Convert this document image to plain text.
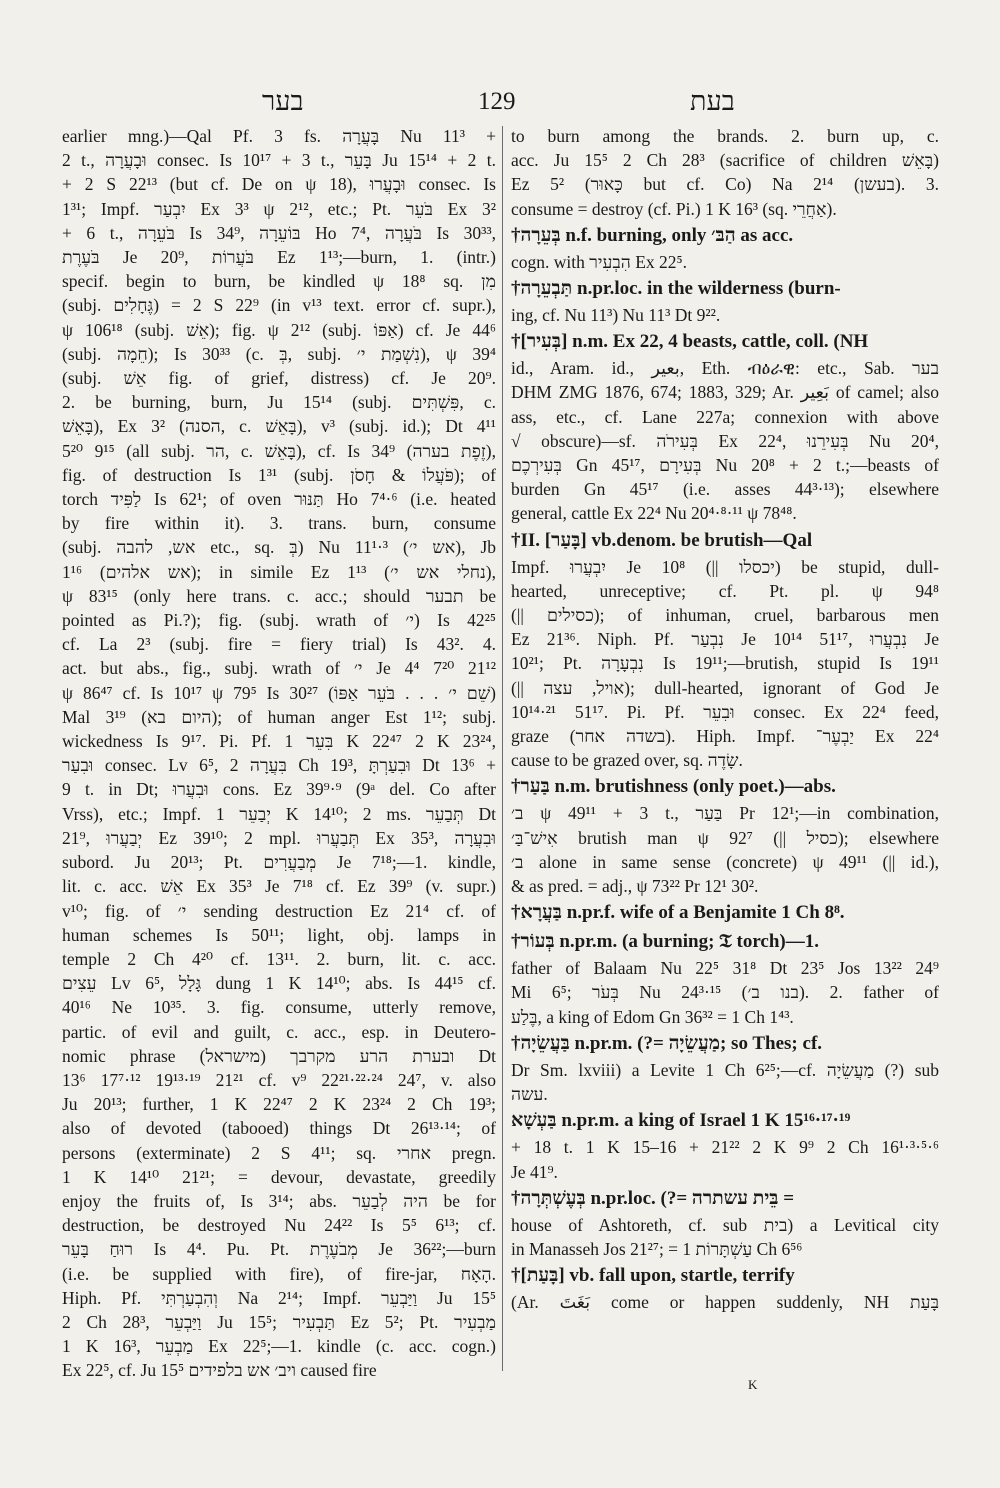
בער	129	בעת
earlier mng.)—Qal Pf. 3 fs. בָּעֲרָה Nu 11³ +
2 t., וּבָעֲרָה consec. Is 10¹⁷ + 3 t., בָּעֵר Ju 15¹⁴ + 2 t.
+ 2 S 22¹³ (but cf. De on ψ 18), וּבָעֲרוּ consec. Is
1³¹; Impf. יִבְעַר Ex 3³ ψ 2¹², etc.; Pt. בֹּעֵר Ex 3²
+ 6 t., בֹּעֵרָה Is 34⁹, בּוֹעֵרָה Ho 7⁴, בֹּעֲרָה Is 30³³,
בֹּעֶרֶת Je 20⁹, בֹּעֲרוֹת Ez 1¹³;—burn, 1. (intr.)
specif. begin to burn, be kindled ψ 18⁸ sq. מִן
(subj. גֶּחָלִים) = 2 S 22⁹ (in v¹³ text. error cf. supr.),
ψ 106¹⁸ (subj. אֵשׁ); fig. ψ 2¹² (subj. אַפּוֹ) cf. Je 44⁶
(subj. חֵמָה); Is 30³³ (c. בְּ, subj. נִשְׁמַת י׳), ψ 39⁴
(subj. אֵשׁ fig. of grief, distress) cf. Je 20⁹.
2. be burning, burn, Ju 15¹⁴ (subj. פִּשְׁתִּים, c.
בָּאֵשׁ), Ex 3² (הסנה, c. בָּאֵשׁ), v³ (subj. id.); Dt 4¹¹
5²⁰ 9¹⁵ (all subj. הר, c. בָּאֵשׁ), cf. Is 34⁹ (זֶפֶת בערה),
fig. of destruction Is 1³¹ (subj. פֹּעֲלוֹ & חָסֹן); of
torch לַפִּיד Is 62¹; of oven תַּנּוּר Ho 7⁴·⁶ (i.e. heated
by fire within it). 3. trans. burn, consume
(subj. אש, להבה etc., sq. בְּ) Nu 11¹·³ (אש י׳), Jb
1¹⁶ (אש אלהים); in simile Ez 1¹³ (נחלי אש י׳),
ψ 83¹⁵ (only here trans. c. acc.; should תבער be
pointed as Pi.?); fig. (subj. wrath of י׳) Is 42²⁵
cf. La 2³ (subj. fire = fiery trial) Is 43². 4.
act. but abs., fig., subj. wrath of י׳ Je 4⁴ 7²⁰ 21¹²
ψ 86⁴⁷ cf. Is 10¹⁷ ψ 79⁵ Is 30²⁷ (שֵׁם י׳ . . . בֹּעֵר אַפּוֹ)
Mal 3¹⁹ (היום בא); of human anger Est 1¹²; subj.
wickedness Is 9¹⁷. Pi. Pf. בִּעֵר 1 K 22⁴⁷ 2 K 23²⁴,
וּבִעַר consec. Lv 6⁵, בִּעֲרָה 2 Ch 19³, וּבִעַרְתָּ Dt 13⁶ +
9 t. in Dt; וּבִעֲרוּ cons. Ez 39⁹·⁹ (9ᵃ del. Co after
Vrss), etc.; Impf. יְבַעֵר 1 K 14¹⁰; 2 ms. תְּבַעֵר Dt
21⁹, יְבַעֲרוּ Ez 39¹⁰; 2 mpl. תְּבַעֲרוּ Ex 35³, וּבִעֲרָה
subord. Ju 20¹³; Pt. מְבַעֲרִים Je 7¹⁸;—1. kindle,
lit. c. acc. אֵשׁ Ex 35³ Je 7¹⁸ cf. Ez 39⁹ (v. supr.)
v¹⁰; fig. of י׳ sending destruction Ez 21⁴ cf. of
human schemes Is 50¹¹; light, obj. lamps in
temple 2 Ch 4²⁰ cf. 13¹¹. 2. burn, lit. c. acc.
עֵצִים Lv 6⁵, גָּלָל dung 1 K 14¹⁰; abs. Is 44¹⁵ cf.
40¹⁶ Ne 10³⁵. 3. fig. consume, utterly remove,
partic. of evil and guilt, c. acc., esp. in Deutero-
nomic phrase (מישראל) ובערת הרע מקרבך Dt
13⁶ 17⁷·¹² 19¹³·¹⁹ 21²¹ cf. v⁹ 22²¹·²²·²⁴ 24⁷, v. also
Ju 20¹³; further, 1 K 22⁴⁷ 2 K 23²⁴ 2 Ch 19³;
also of devoted (tabooed) things Dt 26¹³·¹⁴; of
persons (exterminate) 2 S 4¹¹; sq. אחרי pregn.
1 K 14¹⁰ 21²¹; = devour, devastate, greedily
enjoy the fruits of, Is 3¹⁴; abs. היה לְבַעֵר be for
destruction, be destroyed Nu 24²² Is 5⁵ 6¹³; cf.
רוּחַ בָּעֵר Is 4⁴. Pu. Pt. מְבֹעֶרֶת Je 36²²;—burn
(i.e. be supplied with fire), of fire-jar, הָאָח.
Hiph. Pf. וְהִבְעַרְתִּי Na 2¹⁴; Impf. וַיַּבְעֵר Ju 15⁵
2 Ch 28³, וַיַּבְעֵר Ju 15⁵; תַּבְעִיר Ez 5²; Pt. מַבְעִיר
1 K 16³, מַבְעֵר Ex 22⁵;—1. kindle (c. acc. cogn.)
Ex 22⁵, cf. Ju 15⁵ ויב׳ אש בלפידים caused fire
to burn among the brands. 2. burn up, c.
acc. Ju 15⁵ 2 Ch 28³ (sacrifice of children בָּאֵשׁ)
Ez 5² (כָּאוּר but cf. Co) Na 2¹⁴ (בעשן). 3.
consume = destroy (cf. Pi.) 1 K 16³ (sq. אַחֲרֵי).
†בְּעֵרָה n.f. burning, only הַבּ׳ as acc.
cogn. with הִבְעִיר Ex 22⁵.
†תַּבְעֵרָה n.pr.loc. in the wilderness (burn-
ing, cf. Nu 11³) Nu 11³ Dt 9²².
†[בְּעִיר] n.m. Ex 22, 4 beasts, cattle, coll. (NH
id., Aram. id., بعير, Eth. ብዕራዊ: etc., Sab. בער
DHM ZMG 1876, 674; 1883, 329; Ar. بَعِير of camel; also
ass, etc., cf. Lane 227a; connexion with above
√ obscure)—sf. בְּעִירֹה Ex 22⁴, בְּעִירֵנוּ Nu 20⁴,
בְּעִירְכֶם Gn 45¹⁷, בְּעִירָם Nu 20⁸ + 2 t.;—beasts of
burden Gn 45¹⁷ (i.e. asses 44³·¹³); elsewhere
general, cattle Ex 22⁴ Nu 20⁴·⁸·¹¹ ψ 78⁴⁸.
†II. [בָּעַר] vb.denom. be brutish—Qal
Impf. יִבְעֲרוּ Je 10⁸ (|| יכסלו) be stupid, dull-
hearted, unreceptive; cf. Pt. pl. ψ 94⁸
(|| כסילים); of inhuman, cruel, barbarous men
Ez 21³⁶. Niph. Pf. נִבְעַר Je 10¹⁴ 51¹⁷, נִבְעֲרוּ Je
10²¹; Pt. נִבְעָרָה Is 19¹¹;—brutish, stupid Is 19¹¹
(|| אויל, עצה); dull-hearted, ignorant of God Je
10¹⁴·²¹ 51¹⁷. Pi. Pf. וּבִעֵר consec. Ex 22⁴ feed,
graze (בשדה אחר). Hiph. Impf. יַבְעֶר־ Ex 22⁴
cause to be grazed over, sq. שָׂדֶה.
†בַּעַר n.m. brutishness (only poet.)—abs.
ב׳ ψ 49¹¹ + 3 t., בַּעַר Pr 12¹;—in combination,
אִישׁ־בַּ׳ brutish man ψ 92⁷ (|| כסיל); elsewhere
ב׳ alone in same sense (concrete) ψ 49¹¹ (|| id.),
& as pred. = adj., ψ 73²² Pr 12¹ 30².
†בַּעֲרָא n.pr.f. wife of a Benjamite 1 Ch 8⁸.
†בְּעוֹר n.pr.m. (a burning; 𝔗 torch)—1.
father of Balaam Nu 22⁵ 31⁸ Dt 23⁵ Jos 13²² 24⁹
Mi 6⁵; בְּעֹר Nu 24³·¹⁵ (בנו ב׳). 2. father of
בֶּלַע, a king of Edom Gn 36³² = 1 Ch 1⁴³.
†בַּעֲשֵׂיָה n.pr.m. (?= מַעֲשֵׂיָה; so Thes; cf.
Dr Sm. lxviii) a Levite 1 Ch 6²⁵;—cf. מַעֲשֵׂיָה (?) sub
עשה.
בַּעְשָׁא n.pr.m. a king of Israel 1 K 15¹⁶·¹⁷·¹⁹
+ 18 t. 1 K 15–16 + 21²² 2 K 9⁹ 2 Ch 16¹·³·⁵·⁶
Je 41⁹.
†בְּעֶשְׁתְּרָה n.pr.loc. (?= בֵּית עשתרה =
house of Ashtoreth, cf. sub בית) a Levitical city
in Manasseh Jos 21²⁷; = עַשְׁתָּרוֹת 1 Ch 6⁵⁶
†[בָּעַת] vb. fall upon, startle, terrify
(Ar. بَغَتَ come or happen suddenly, NH בָּעַת
K
